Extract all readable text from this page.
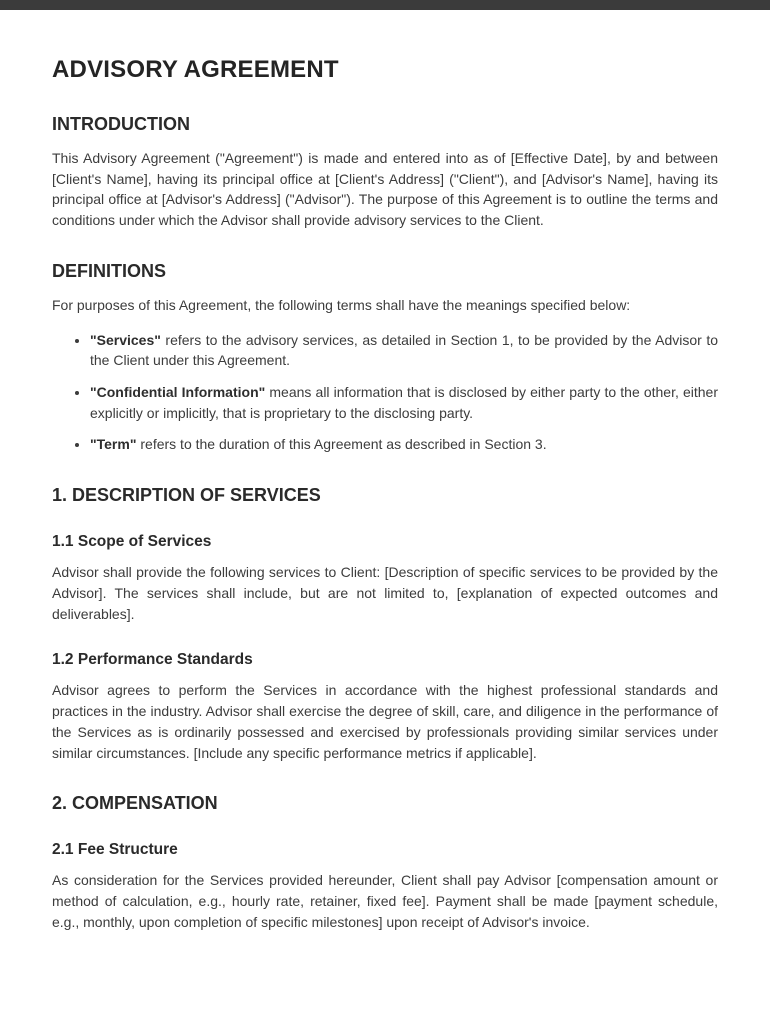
ADVISORY AGREEMENT
INTRODUCTION

This Advisory Agreement ("Agreement") is made and entered into as of [Effective Date], by and between [Client's Name], having its principal office at [Client's Address] ("Client"), and [Advisor's Name], having its principal office at [Advisor's Address] ("Advisor"). The purpose of this Agreement is to outline the terms and conditions under which the Advisor shall provide advisory services to the Client.

DEFINITIONS

For purposes of this Agreement, the following terms shall have the meanings specified below:

• "Services" refers to the advisory services, as detailed in Section 1, to be provided by the Advisor to the Client under this Agreement.
• "Confidential Information" means all information that is disclosed by either party to the other, either explicitly or implicitly, that is proprietary to the disclosing party.
• "Term" refers to the duration of this Agreement as described in Section 3.
1. DESCRIPTION OF SERVICES
1.1 Scope of Services

Advisor shall provide the following services to Client: [Description of specific services to be provided by the Advisor]. The services shall include, but are not limited to, [explanation of expected outcomes and deliverables].

1.2 Performance Standards

Advisor agrees to perform the Services in accordance with the highest professional standards and practices in the industry. Advisor shall exercise the degree of skill, care, and diligence in the performance of the Services as is ordinarily possessed and exercised by professionals providing similar services under similar circumstances. [Include any specific performance metrics if applicable].

2. COMPENSATION
2.1 Fee Structure

As consideration for the Services provided hereunder, Client shall pay Advisor [compensation amount or method of calculation, e.g., hourly rate, retainer, fixed fee]. Payment shall be made [payment schedule, e.g., monthly, upon completion of specific milestones] upon receipt of Advisor's invoice.
